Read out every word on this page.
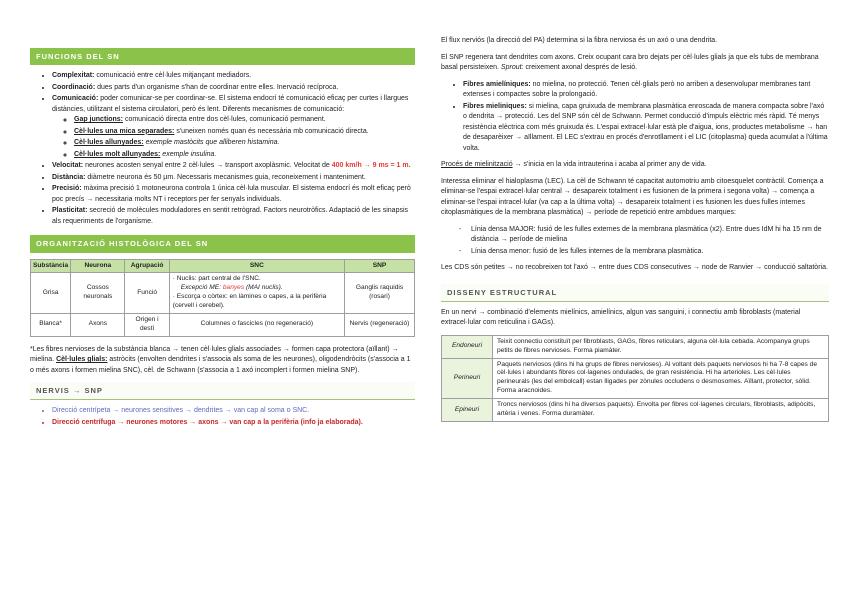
FUNCIONS DEL SN
• Complexitat: comunicació entre cèl·lules mitjançant mediadors.
• Coordinació: dues parts d'un organisme s'han de coordinar entre elles. Inervació recíproca.
• Comunicació: poder comunicar-se per coordinar-se. El sistema endocrí té comunicació eficaç per curtes i llargues distàncies, utilitzant el sistema circulatori, però és lent. Diferents mecanismes de comunicació:
◦ Gap junctions: comunicació directa entre dos cèl·lules, comunicació permanent.
◦ Cèl·lules una mica separades: s'uneixen només quan és necessària mb comunicació directa.
◦ Cèl·lules allunyades: exemple mastòcits que alliberen histamina.
◦ Cèl·lules molt allunyades: exemple insulina.
• Velocitat: neurones acosten senyal entre 2 cèl·lules → transport axoplàsmic. Velocitat de 400 km/h → 9 ms = 1 m.
• Distància: diàmetre neurona és 50 µm. Necessaris mecanismes guia, reconeixement i manteniment.
• Precisió: màxima precisió 1 motoneurona controla 1 única cèl·lula muscular. El sistema endocrí és molt eficaç però poc precís → necessitaria molts NT i receptors per fer senyals individuals.
• Plasticitat: secreció de molècules moduladores en sentit retrògrad. Factors neurotròfics. Adaptació de les sinapsis als requeriments de l'organisme.
ORGANITZACIÓ HISTOLÒGICA DEL SN
Substància	Neurona	Agrupació	SNC	SNP
Grisa	Cossos neuronals	Funció	· Nuclis: part central de l'SNC.
Excepció ME: banyes (MAI nuclis).
· Escorça o còrtex: en làmines o capes, a la perifèria (cervell i cerebel).	Ganglis raquidis (rosari)
Blanca*	Axons	Origen i destí	Columnes o fascicles (no regeneració)	Nervis (regeneració)

*Les fibres nervioses de la substància blanca → tenen cèl·lules glials associades → formen capa protectora (aïllant) → mielina. Cèl·lules glials: astròcits (envolten dendrites i s'associa als soma de les neurones), oligodendròcits (s'associa a 1 o més axons i formen mielina SNC), cèl. de Schwann (s'associa a 1 axó incomplert i formen mielina SNP).

NERVIS → SNP
• Direcció centrípeta → neurones sensitives → dendrites → van cap al soma o SNC.
• Direcció centrífuga → neurones motores → axons → van cap a la perifèria (info ja elaborada).

El flux nerviós (la direcció del PA) determina si la fibra nerviosa és un axó o una dendrita.

El SNP regenera tant dendrites com axons. Creix ocupant cara bro dejats per cèl·lules glials ja que els tubs de membrana basal persisteixen. Sprout: creixement axonal després de lesió.

• Fibres amielíniques: no mielina, no protecció. Tenen cèl·glials però no arriben a desenvolupar membranes tant extenses i compactes sobre la prolongació.
• Fibres mieliniques: si mielina, capa gruixuda de membrana plasmàtica enroscada de manera compacta sobre l'axó o dendrita → protecció. Les del SNP són cèl de Schwann. Permet conducció d'impuls elèctric més ràpid. Té menys resistència elèctrica com més gruixuda és. L'espai extracel·lular està ple d'aigua, ions, productes metabolisme → han de desaparèixer → aïllament. El LEC s'extrau en procés d'enrotllament i el LIC (citoplasma) queda acumulat a l'última volta.

Procés de mielinització → s'inicia en la vida intrauterina i acaba al primer any de vida.

Interessa eliminar el hialoplasma (LEC). La cèl de Schwann té capacitat automotriu amb citoesquelet contràctil. Comença a eliminar-se l'espai extracel·lular central → desapareix totalment i es fusionen de la primera i segona volta) → comença a eliminar-se l'espai intracel·lular (va cap a la última volta) → desapareix totalment i es fusionen les dues fulles internes citoplasmàtiques de la membrana plasmàtica) → període de repetició entre ambdues marques:

- Línia densa MAJOR: fusió de les fulles externes de la membrana plasmàtica (x2). Entre dues IdM hi ha 15 nm de distància → període de mielina
- Línia densa menor: fusió de les fulles internes de la membrana plasmàtica.

Les CDS són petites → no recobreixen tot l'axó → entre dues CDS consecutives → node de Ranvier → conducció saltatòria.

DISSENY ESTRUCTURAL

En un nervi → combinació d'elements mielínics, amielínics, algun vas sanguini, i connectiu amb fibroblasts (material extracel·lular com reticulina i GAGs).

Endoneuri	Teixit connectiu constituït per fibroblasts, GAGs, fibres reticulars, alguna cèl·lula cebada. Acompanya grups petits de fibres nervioses. Forma piamàter.
Perineuri	Paquets nerviosos (dins hi ha grups de fibres nervioses). Al voltant dels paquets nerviosos hi ha 7-8 capes de cèl·lules i abundants fibres col·lagenes ondulades, de gran resistència. Hi ha arterioles. Les cèl·lules perineurals (les del embolcall) estan lligades per zònules occludens o desmosomes. Aïllant, protector, sòlid. Forma aracnoides.
Epineuri	Troncs nerviosos (dins hi ha diversos paquets). Envolta per fibres col·lagenes circulars, fibroblasts, adipòcits, artèria i venes. Forma duramàter.
